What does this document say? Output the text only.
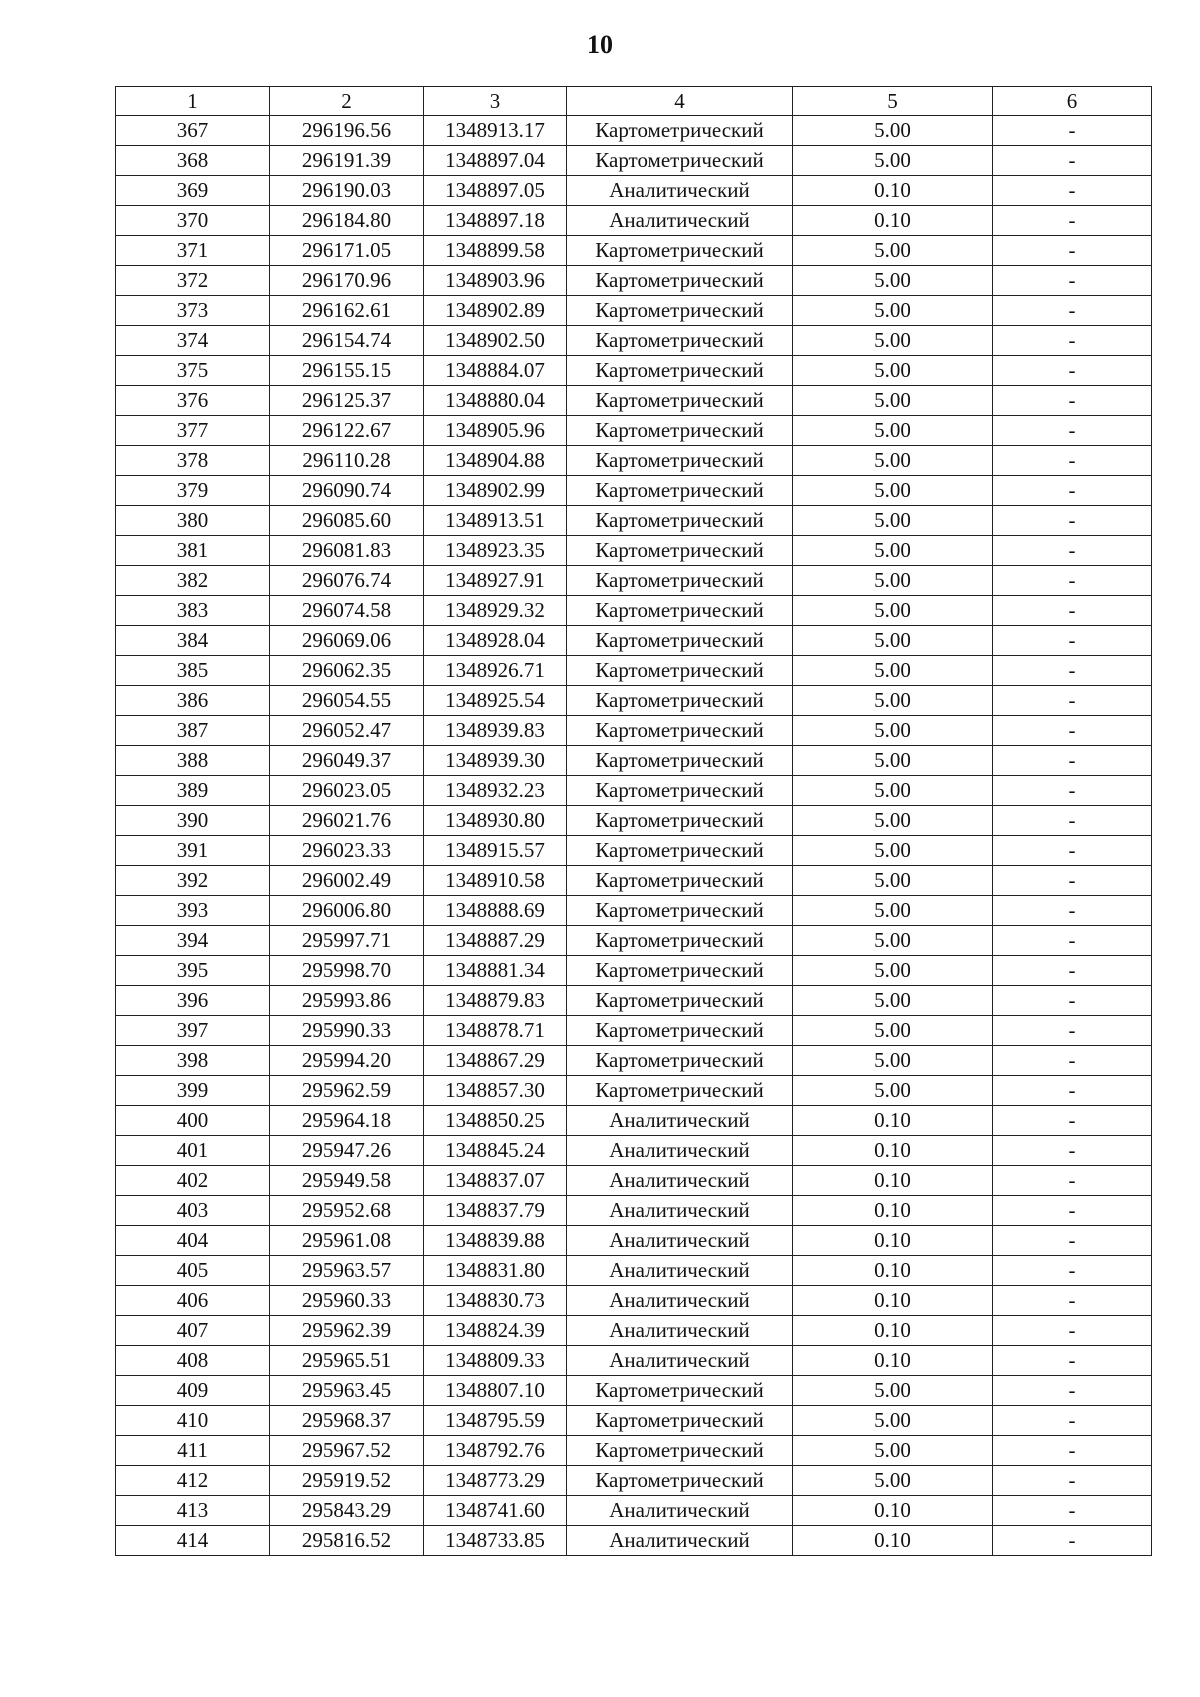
10
1	2	3	4	5	6
367	296196.56	1348913.17	Картометрический	5.00	-
368	296191.39	1348897.04	Картометрический	5.00	-
369	296190.03	1348897.05	Аналитический	0.10	-
370	296184.80	1348897.18	Аналитический	0.10	-
371	296171.05	1348899.58	Картометрический	5.00	-
372	296170.96	1348903.96	Картометрический	5.00	-
373	296162.61	1348902.89	Картометрический	5.00	-
374	296154.74	1348902.50	Картометрический	5.00	-
375	296155.15	1348884.07	Картометрический	5.00	-
376	296125.37	1348880.04	Картометрический	5.00	-
377	296122.67	1348905.96	Картометрический	5.00	-
378	296110.28	1348904.88	Картометрический	5.00	-
379	296090.74	1348902.99	Картометрический	5.00	-
380	296085.60	1348913.51	Картометрический	5.00	-
381	296081.83	1348923.35	Картометрический	5.00	-
382	296076.74	1348927.91	Картометрический	5.00	-
383	296074.58	1348929.32	Картометрический	5.00	-
384	296069.06	1348928.04	Картометрический	5.00	-
385	296062.35	1348926.71	Картометрический	5.00	-
386	296054.55	1348925.54	Картометрический	5.00	-
387	296052.47	1348939.83	Картометрический	5.00	-
388	296049.37	1348939.30	Картометрический	5.00	-
389	296023.05	1348932.23	Картометрический	5.00	-
390	296021.76	1348930.80	Картометрический	5.00	-
391	296023.33	1348915.57	Картометрический	5.00	-
392	296002.49	1348910.58	Картометрический	5.00	-
393	296006.80	1348888.69	Картометрический	5.00	-
394	295997.71	1348887.29	Картометрический	5.00	-
395	295998.70	1348881.34	Картометрический	5.00	-
396	295993.86	1348879.83	Картометрический	5.00	-
397	295990.33	1348878.71	Картометрический	5.00	-
398	295994.20	1348867.29	Картометрический	5.00	-
399	295962.59	1348857.30	Картометрический	5.00	-
400	295964.18	1348850.25	Аналитический	0.10	-
401	295947.26	1348845.24	Аналитический	0.10	-
402	295949.58	1348837.07	Аналитический	0.10	-
403	295952.68	1348837.79	Аналитический	0.10	-
404	295961.08	1348839.88	Аналитический	0.10	-
405	295963.57	1348831.80	Аналитический	0.10	-
406	295960.33	1348830.73	Аналитический	0.10	-
407	295962.39	1348824.39	Аналитический	0.10	-
408	295965.51	1348809.33	Аналитический	0.10	-
409	295963.45	1348807.10	Картометрический	5.00	-
410	295968.37	1348795.59	Картометрический	5.00	-
411	295967.52	1348792.76	Картометрический	5.00	-
412	295919.52	1348773.29	Картометрический	5.00	-
413	295843.29	1348741.60	Аналитический	0.10	-
414	295816.52	1348733.85	Аналитический	0.10	-
